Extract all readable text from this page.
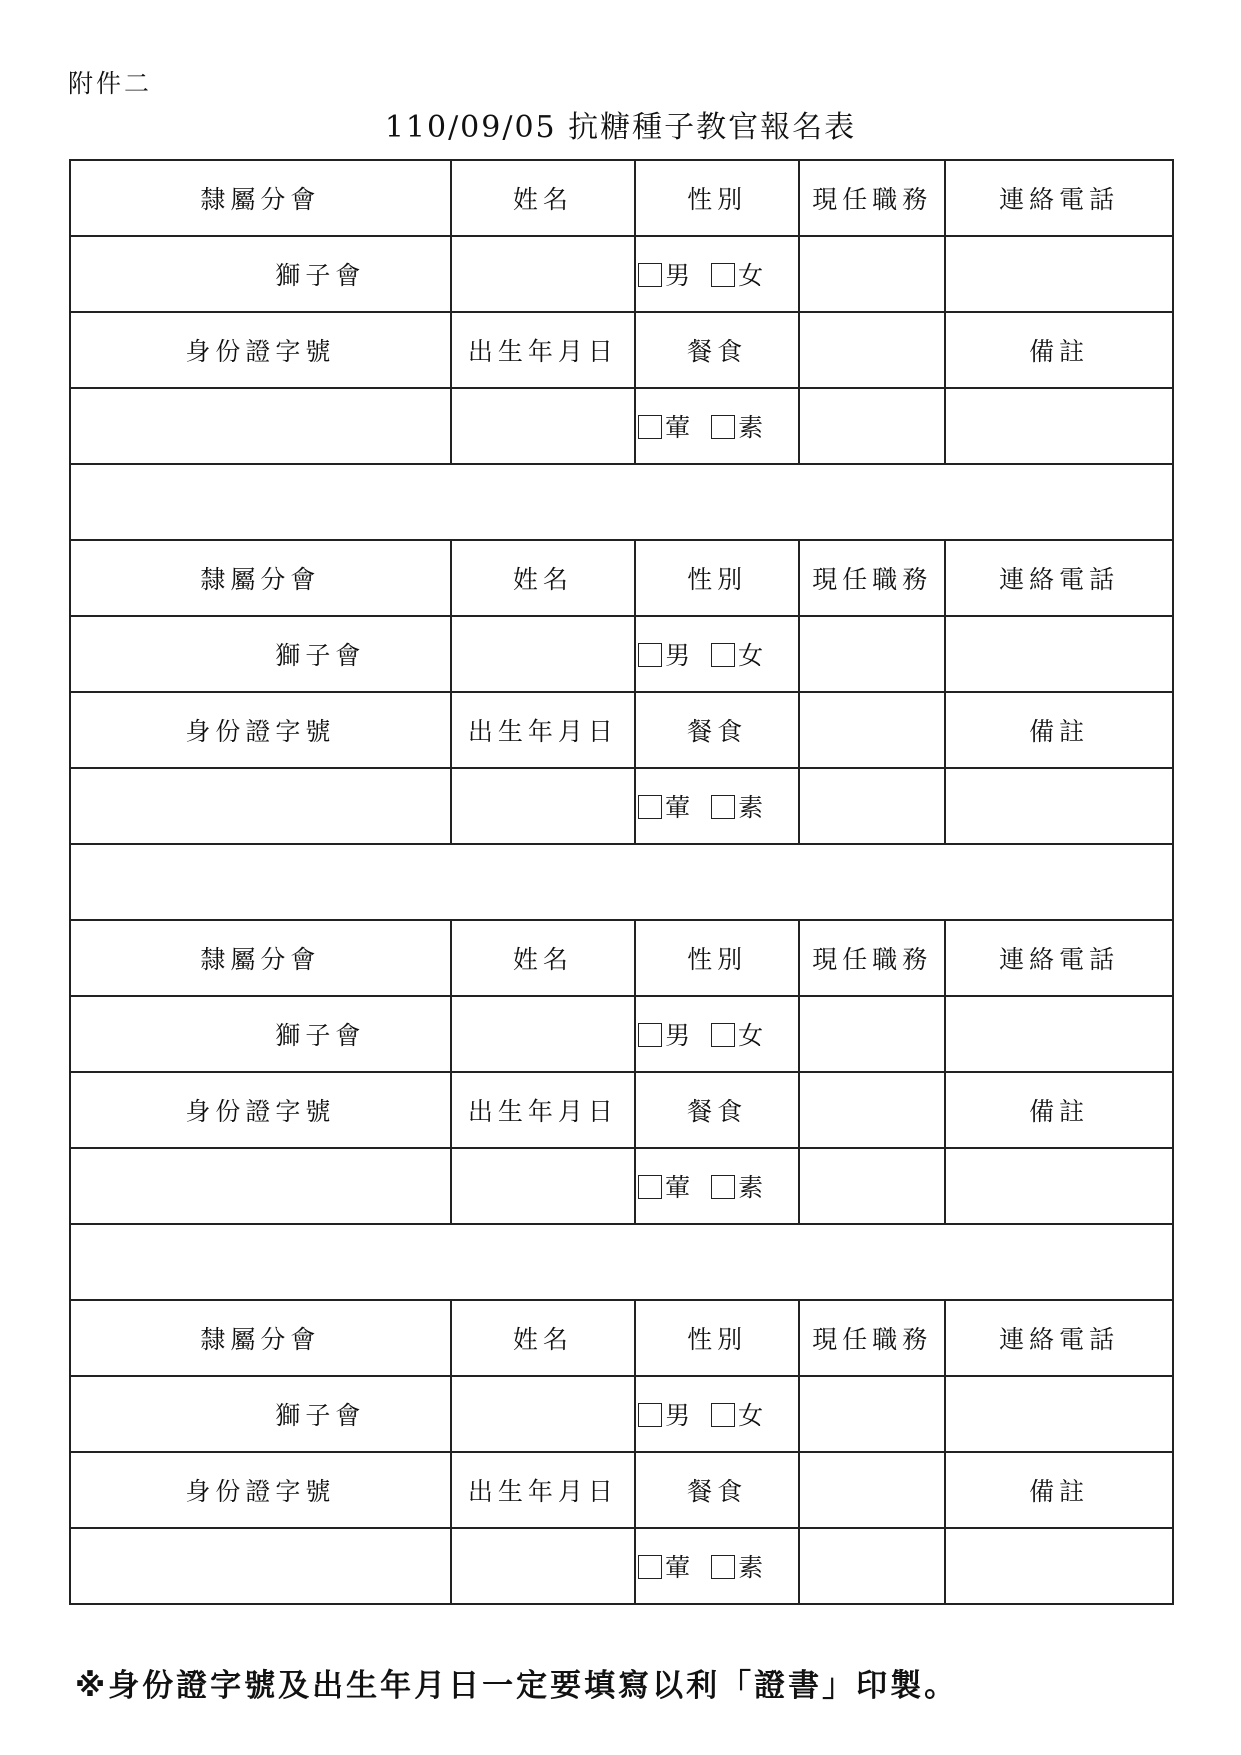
附件二
110/09/05 抗糖種子教官報名表
隸屬分會	姓名	性別	現任職務	連絡電話
獅子會		男 女		
身份證字號	出生年月日	餐食		備註
		葷 素		

隸屬分會	姓名	性別	現任職務	連絡電話
獅子會		男 女		
身份證字號	出生年月日	餐食		備註
		葷 素		

隸屬分會	姓名	性別	現任職務	連絡電話
獅子會		男 女		
身份證字號	出生年月日	餐食		備註
		葷 素		

隸屬分會	姓名	性別	現任職務	連絡電話
獅子會		男 女		
身份證字號	出生年月日	餐食		備註
		葷 素		
※身份證字號及出生年月日一定要填寫以利「證書」印製。
